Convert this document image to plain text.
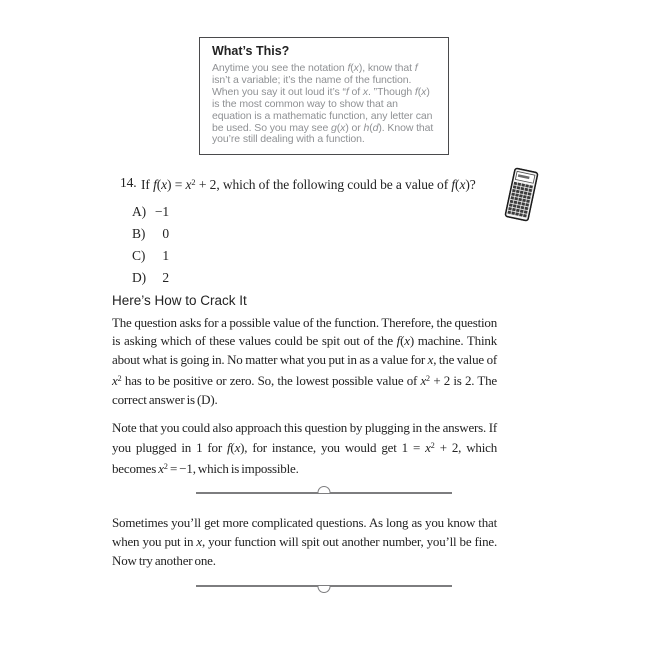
What’s This?

Anytime you see the notation f(x), know that f isn’t a variable; it’s the name of the function. When you say it out loud it’s “f of x. ”Though f(x) is the most common way to show that an equation is a mathematic function, any letter can be used. So you may see g(x) or h(d). Know that you’re still dealing with a function.

14. If $f(x) = x^2 + 2$, which of the following could be a value of f(x)?
A) −1
B) 0
C) 1
D) 2
Here’s How to Crack It

The question asks for a possible value of the function. Therefore, the question is asking which of these values could be spit out of the f(x) machine. Think about what is going in. No matter what you put in as a value for x, the value of $x^2$ has to be positive or zero. So, the lowest possible value of $x^2 + 2$ is 2. The correct answer is (D).

Note that you could also approach this question by plugging in the answers. If you plugged in 1 for f(x), for instance, you would get $1 = x^2 + 2$, which becomes $x^2 = -1$, which is impossible.

Sometimes you’ll get more complicated questions. As long as you know that when you put in x, your function will spit out another number, you’ll be fine. Now try another one.
